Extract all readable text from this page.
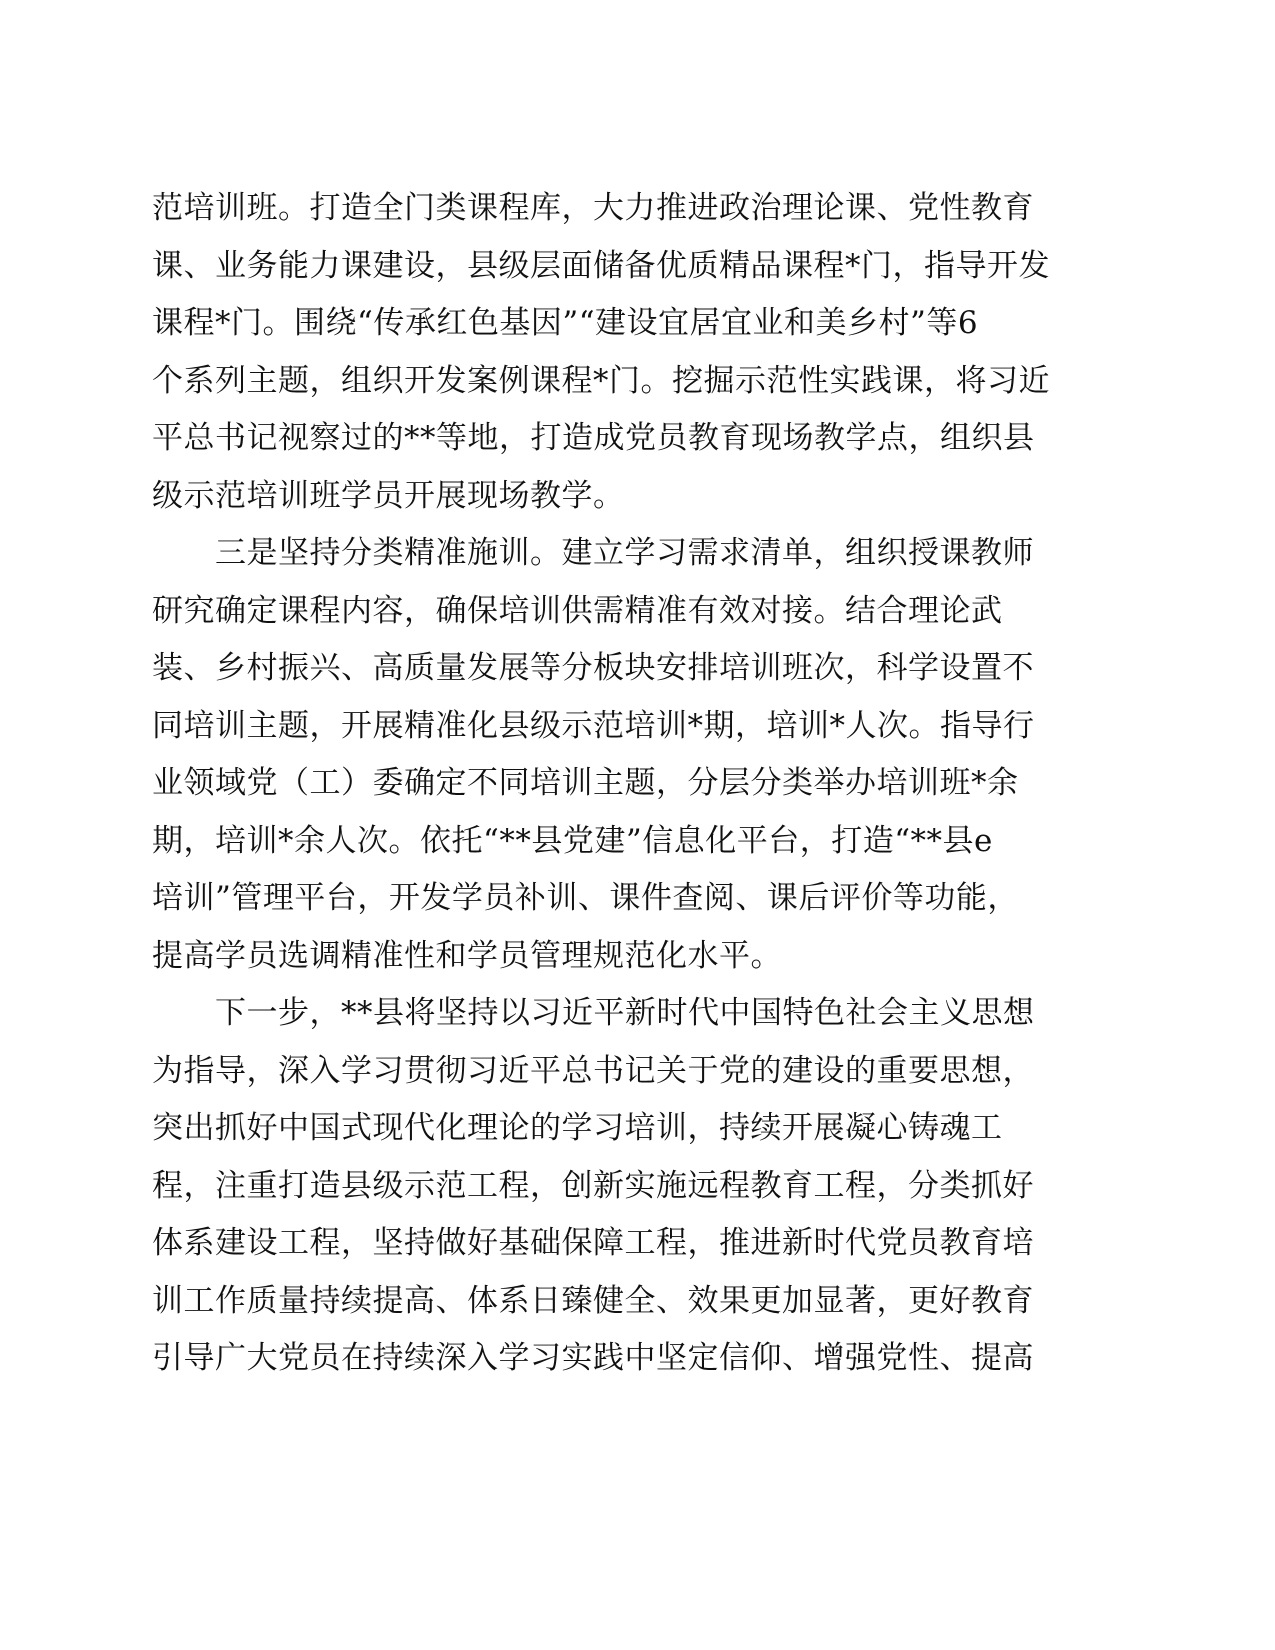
范培训班。打造全门类课程库，大力推进政治理论课、党性教育
课、业务能力课建设，县级层面储备优质精品课程*门，指导开发
课程*门。围绕“传承红色基因”“建设宜居宜业和美乡村”等6
个系列主题，组织开发案例课程*门。挖掘示范性实践课，将习近
平总书记视察过的**等地，打造成党员教育现场教学点，组织县
级示范培训班学员开展现场教学。
　　三是坚持分类精准施训。建立学习需求清单，组织授课教师
研究确定课程内容，确保培训供需精准有效对接。结合理论武
装、乡村振兴、高质量发展等分板块安排培训班次，科学设置不
同培训主题，开展精准化县级示范培训*期，培训*人次。指导行
业领域党（工）委确定不同培训主题，分层分类举办培训班*余
期，培训*余人次。依托“**县党建”信息化平台，打造“**县e
培训”管理平台，开发学员补训、课件查阅、课后评价等功能，
提高学员选调精准性和学员管理规范化水平。
　　下一步，**县将坚持以习近平新时代中国特色社会主义思想
为指导，深入学习贯彻习近平总书记关于党的建设的重要思想，
突出抓好中国式现代化理论的学习培训，持续开展凝心铸魂工
程，注重打造县级示范工程，创新实施远程教育工程，分类抓好
体系建设工程，坚持做好基础保障工程，推进新时代党员教育培
训工作质量持续提高、体系日臻健全、效果更加显著，更好教育
引导广大党员在持续深入学习实践中坚定信仰、增强党性、提高
